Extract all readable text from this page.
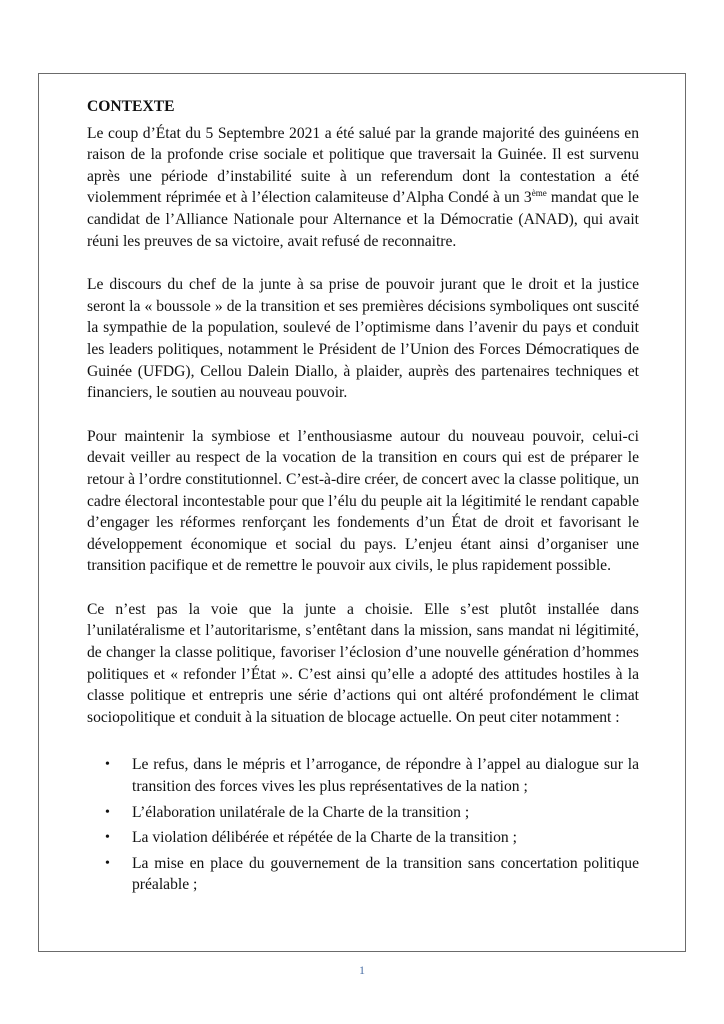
CONTEXTE

Le coup d’État du 5 Septembre 2021 a été salué par la grande majorité des guinéens en raison de la profonde crise sociale et politique que traversait la Guinée. Il est survenu après une période d’instabilité suite à un referendum dont la contestation a été violemment réprimée et à l’élection calamiteuse d’Alpha Condé à un 3ème mandat que le candidat de l’Alliance Nationale pour Alternance et la Démocratie (ANAD), qui avait réuni les preuves de sa victoire, avait refusé de reconnaitre.

Le discours du chef de la junte à sa prise de pouvoir jurant que le droit et la justice seront la « boussole » de la transition et ses premières décisions symboliques ont suscité la sympathie de la population, soulevé de l’optimisme dans l’avenir du pays et conduit les leaders politiques, notamment le Président de l’Union des Forces Démocratiques de Guinée (UFDG), Cellou Dalein Diallo, à plaider, auprès des partenaires techniques et financiers, le soutien au nouveau pouvoir.

Pour maintenir la symbiose et l’enthousiasme autour du nouveau pouvoir, celui-ci devait veiller au respect de la vocation de la transition en cours qui est de préparer le retour à l’ordre constitutionnel. C’est-à-dire créer, de concert avec la classe politique, un cadre électoral incontestable pour que l’élu du peuple ait la légitimité le rendant capable d’engager les réformes renforçant les fondements d’un État de droit et favorisant le développement économique et social du pays. L’enjeu étant ainsi d’organiser une transition pacifique et de remettre le pouvoir aux civils, le plus rapidement possible.

Ce n’est pas la voie que la junte a choisie. Elle s’est plutôt installée dans l’unilatéralisme et l’autoritarisme, s’entêtant dans la mission, sans mandat ni légitimité, de changer la classe politique, favoriser l’éclosion d’une nouvelle génération d’hommes politiques et « refonder l’État ». C’est ainsi qu’elle a adopté des attitudes hostiles à la classe politique et entrepris une série d’actions qui ont altéré profondément le climat sociopolitique et conduit à la situation de blocage actuelle. On peut citer notamment :

• Le refus, dans le mépris et l’arrogance, de répondre à l’appel au dialogue sur la transition des forces vives les plus représentatives de la nation ;
• L’élaboration unilatérale de la Charte de la transition ;
• La violation délibérée et répétée de la Charte de la transition ;
• La mise en place du gouvernement de la transition sans concertation politique préalable ;
1
